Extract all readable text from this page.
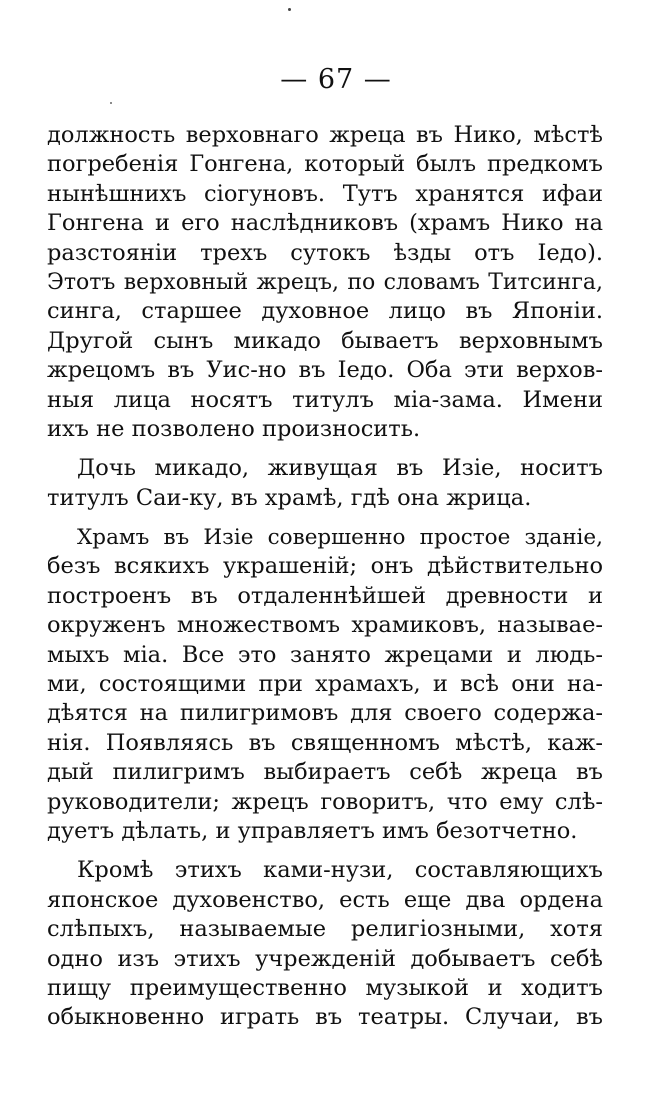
— 67 —
должность верховнаго жреца въ Нико, мѣстѣ
погребенія Гонгена, который былъ предкомъ
нынѣшнихъ сіогуновъ. Тутъ хранятся ифаи
Гонгена и его наслѣдниковъ (храмъ Нико на
разстояніи трехъ сутокъ ѣзды отъ Іедо).
Этотъ верховный жрецъ, по словамъ Титсинга,
синга, старшее духовное лицо въ Японіи.
Другой сынъ микадо бываетъ верховнымъ
жрецомъ въ Уис-но въ Іедо. Оба эти верхов-
ныя лица носятъ титулъ міа-зама. Имени
ихъ не позволено произносить.
Дочь микадо, живущая въ Изіе, носитъ
титулъ Саи-ку, въ храмѣ, гдѣ она жрица.
Храмъ въ Изіе совершенно простое зданіе,
безъ всякихъ украшеній; онъ дѣйствительно
построенъ въ отдаленнѣйшей древности и
окруженъ множествомъ храмиковъ, называе-
мыхъ міа. Все это занято жрецами и людь-
ми, состоящими при храмахъ, и всѣ они на-
дѣятся на пилигримовъ для своего содержа-
нія. Появляясь въ священномъ мѣстѣ, каж-
дый пилигримъ выбираетъ себѣ жреца въ
руководители; жрецъ говоритъ, что ему слѣ-
дуетъ дѣлать, и управляетъ имъ безотчетно.
Кромѣ этихъ ками-нузи, составляющихъ
японское духовенство, есть еще два ордена
слѣпыхъ, называемые религіозными, хотя
одно изъ этихъ учрежденій добываетъ себѣ
пищу преимущественно музыкой и ходитъ
обыкновенно играть въ театры. Случаи, въ
